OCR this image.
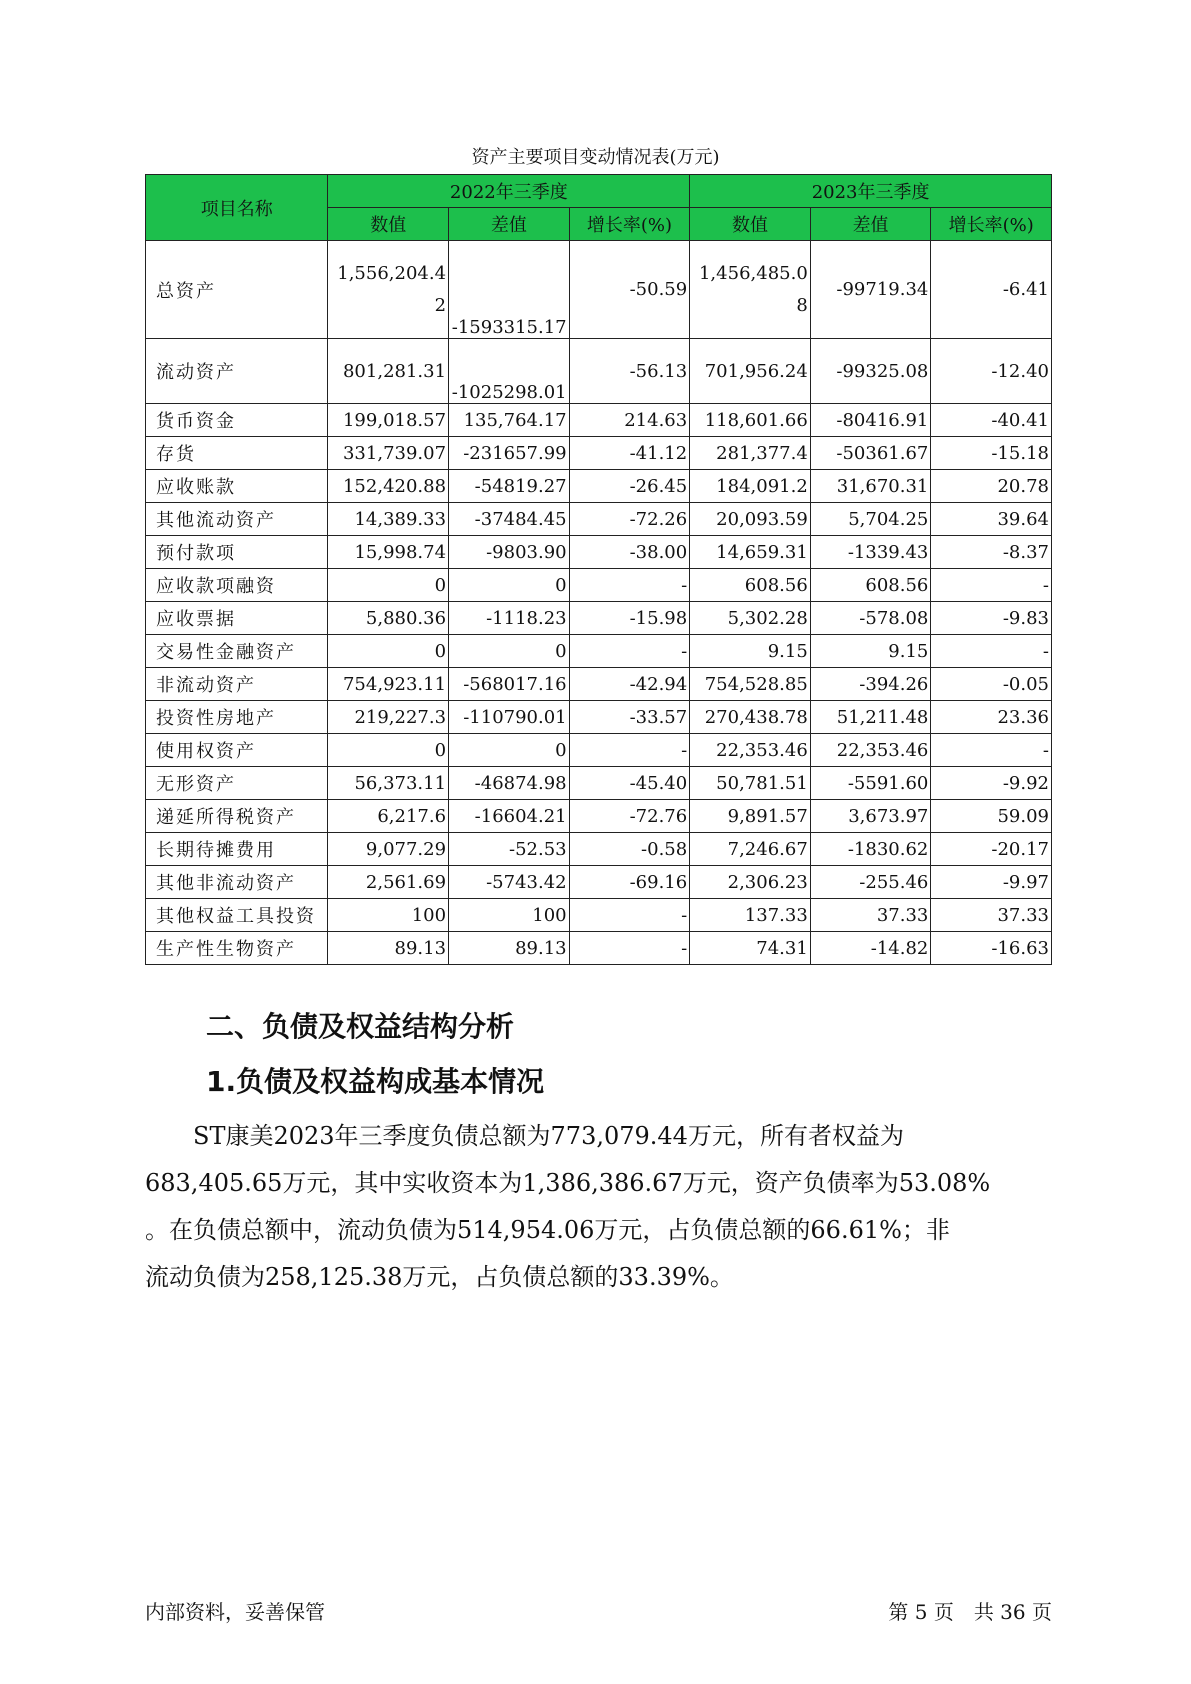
资产主要项目变动情况表(万元)
项目名称	2022年三季度			2023年三季度		
	数值	差值	增长率(%)	数值	差值	增长率(%)
总资产	1,556,204.42	-1593315.17	-50.59	1,456,485.08	-99719.34	-6.41
流动资产	801,281.31	-1025298.01	-56.13	701,956.24	-99325.08	-12.40
货币资金	199,018.57	135,764.17	214.63	118,601.66	-80416.91	-40.41
存货	331,739.07	-231657.99	-41.12	281,377.4	-50361.67	-15.18
应收账款	152,420.88	-54819.27	-26.45	184,091.2	31,670.31	20.78
其他流动资产	14,389.33	-37484.45	-72.26	20,093.59	5,704.25	39.64
预付款项	15,998.74	-9803.90	-38.00	14,659.31	-1339.43	-8.37
应收款项融资	0	0	-	608.56	608.56	-
应收票据	5,880.36	-1118.23	-15.98	5,302.28	-578.08	-9.83
交易性金融资产	0	0	-	9.15	9.15	-
非流动资产	754,923.11	-568017.16	-42.94	754,528.85	-394.26	-0.05
投资性房地产	219,227.3	-110790.01	-33.57	270,438.78	51,211.48	23.36
使用权资产	0	0	-	22,353.46	22,353.46	-
无形资产	56,373.11	-46874.98	-45.40	50,781.51	-5591.60	-9.92
递延所得税资产	6,217.6	-16604.21	-72.76	9,891.57	3,673.97	59.09
长期待摊费用	9,077.29	-52.53	-0.58	7,246.67	-1830.62	-20.17
其他非流动资产	2,561.69	-5743.42	-69.16	2,306.23	-255.46	-9.97
其他权益工具投资	100	100	-	137.33	37.33	37.33
生产性生物资产	89.13	89.13	-	74.31	-14.82	-16.63
二、负债及权益结构分析
1.负债及权益构成基本情况
　　ST康美2023年三季度负债总额为773,079.44万元，所有者权益为
683,405.65万元，其中实收资本为1,386,386.67万元，资产负债率为53.08%
。在负债总额中，流动负债为514,954.06万元，占负债总额的66.61%；非
流动负债为258,125.38万元，占负债总额的33.39%。
内部资料，妥善保管	第 5 页　共 36 页
